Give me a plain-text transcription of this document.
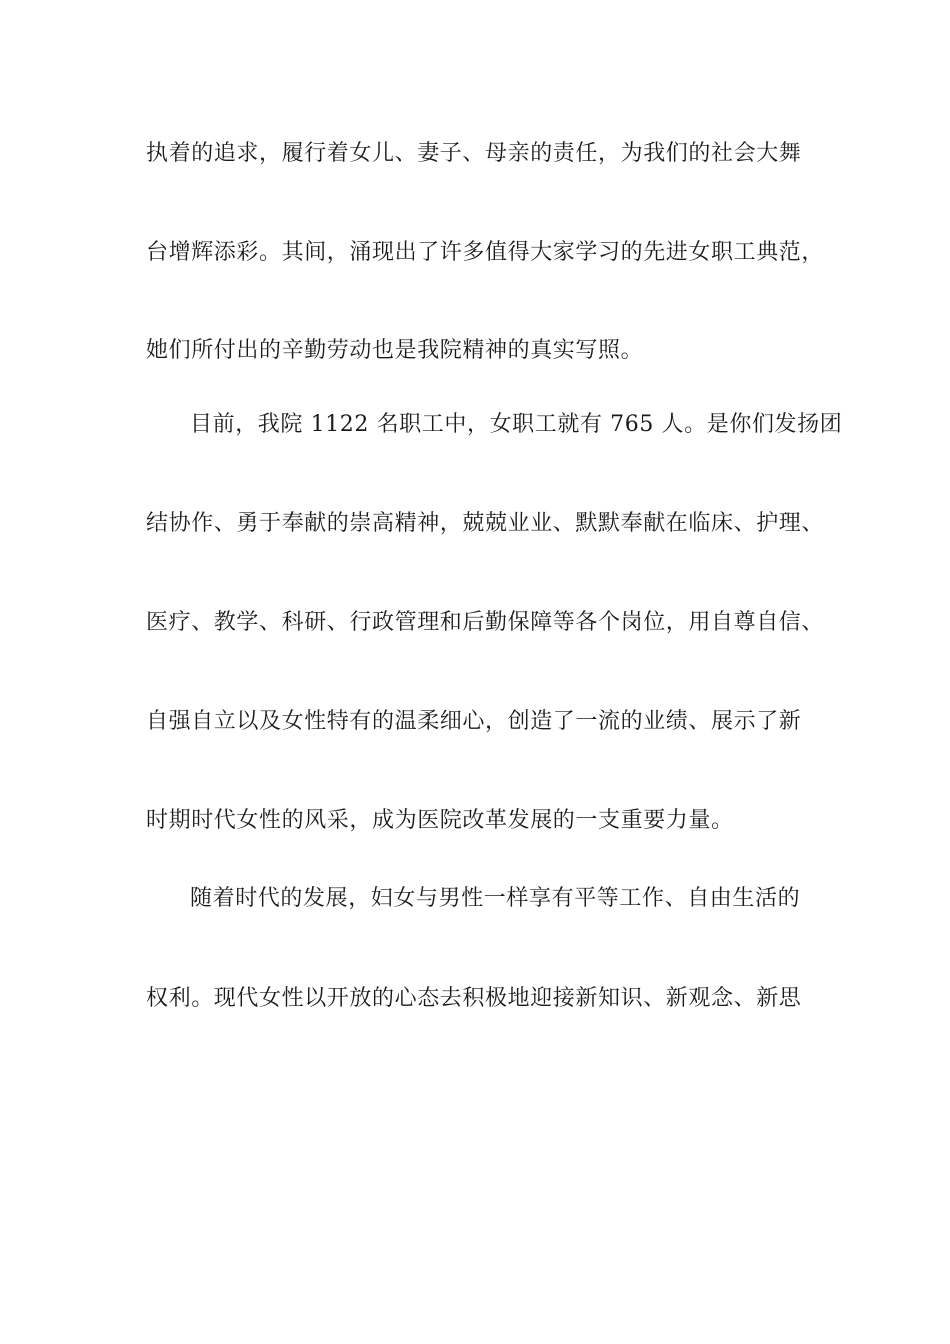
执着的追求，履行着女儿、妻子、母亲的责任，为我们的社会大舞
台增辉添彩。其间，涌现出了许多值得大家学习的先进女职工典范，
她们所付出的辛勤劳动也是我院精神的真实写照。
目前，我院 1122 名职工中，女职工就有 765 人。是你们发扬团
结协作、勇于奉献的崇高精神，兢兢业业、默默奉献在临床、护理、
医疗、教学、科研、行政管理和后勤保障等各个岗位，用自尊自信、
自强自立以及女性特有的温柔细心，创造了一流的业绩、展示了新
时期时代女性的风采，成为医院改革发展的一支重要力量。
随着时代的发展，妇女与男性一样享有平等工作、自由生活的
权利。现代女性以开放的心态去积极地迎接新知识、新观念、新思
